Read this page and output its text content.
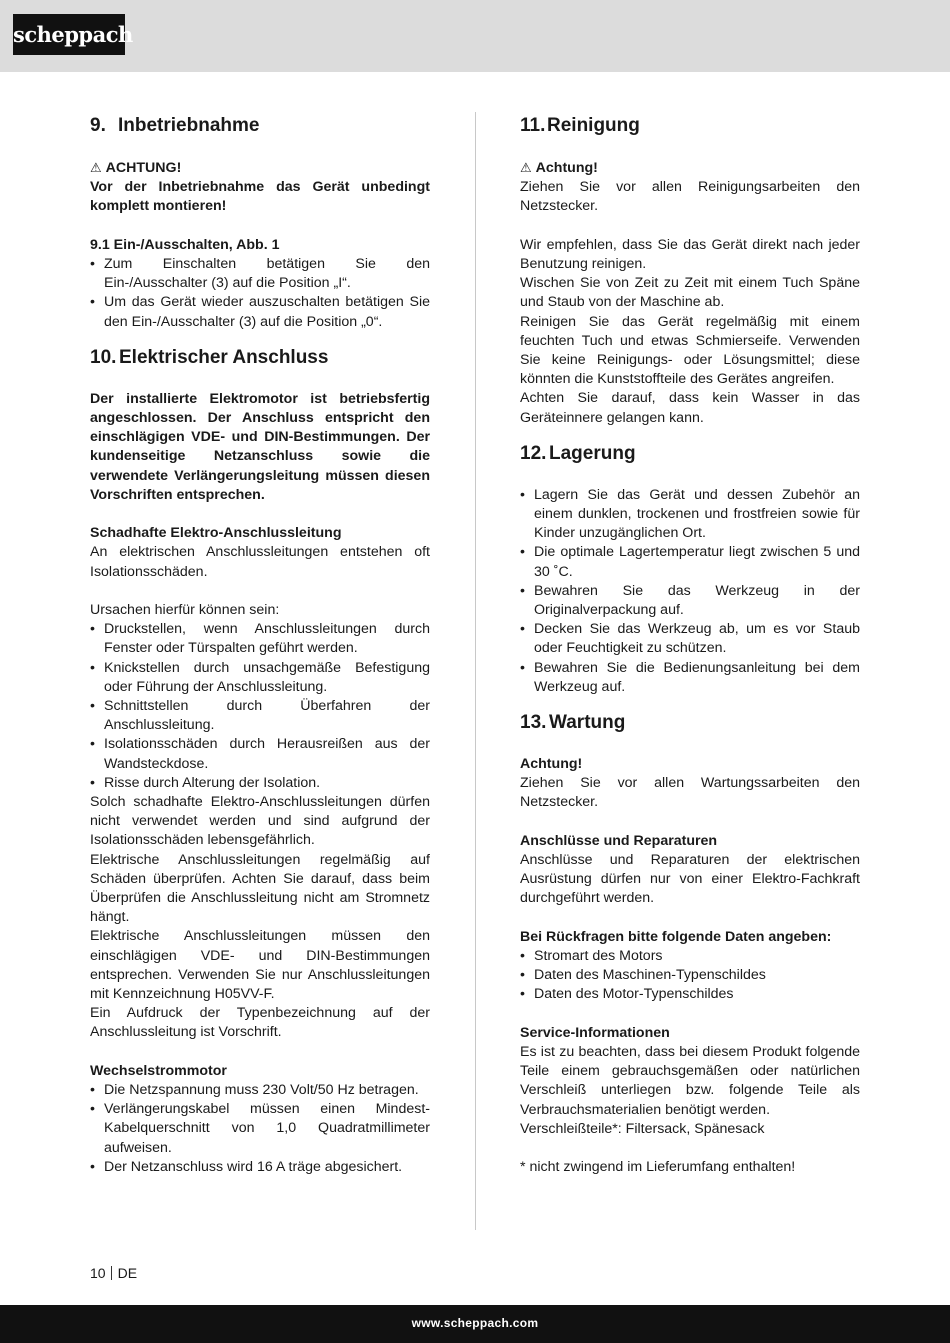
scheppach
9. Inbetriebnahme

⚠ ACHTUNG!

Vor der Inbetriebnahme das Gerät unbedingt komplett montieren!

9.1 Ein-/Ausschalten, Abb. 1

• Zum Einschalten betätigen Sie den Ein-/Ausschalter (3) auf die Position „I“.
• Um das Gerät wieder auszuschalten betätigen Sie den Ein-/Ausschalter (3) auf die Position „0“.
10. Elektrischer Anschluss

Der installierte Elektromotor ist betriebsfertig angeschlossen. Der Anschluss entspricht den einschlägigen VDE- und DIN-Bestimmungen. Der kundenseitige Netzanschluss sowie die verwendete Verlängerungsleitung müssen diesen Vorschriften entsprechen.

Schadhafte Elektro-Anschlussleitung

An elektrischen Anschlussleitungen entstehen oft Isolationsschäden.

Ursachen hierfür können sein:

• Druckstellen, wenn Anschlussleitungen durch Fenster oder Türspalten geführt werden.
• Knickstellen durch unsachgemäße Befestigung oder Führung der Anschlussleitung.
• Schnittstellen durch Überfahren der Anschlussleitung.
• Isolationsschäden durch Herausreißen aus der Wandsteckdose.
• Risse durch Alterung der Isolation.

Solch schadhafte Elektro-Anschlussleitungen dürfen nicht verwendet werden und sind aufgrund der Isolationsschäden lebensgefährlich.

Elektrische Anschlussleitungen regelmäßig auf Schäden überprüfen. Achten Sie darauf, dass beim Überprüfen die Anschlussleitung nicht am Stromnetz hängt.

Elektrische Anschlussleitungen müssen den einschlägigen VDE- und DIN-Bestimmungen entsprechen. Verwenden Sie nur Anschlussleitungen mit Kennzeichnung H05VV-F.

Ein Aufdruck der Typenbezeichnung auf der Anschlussleitung ist Vorschrift.

Wechselstrommotor

• Die Netzspannung muss 230 Volt/50 Hz betragen.
• Verlängerungskabel müssen einen Mindest-Kabelquerschnitt von 1,0 Quadratmillimeter aufweisen.
• Der Netzanschluss wird 16 A träge abgesichert.
11. Reinigung

⚠ Achtung!

Ziehen Sie vor allen Reinigungsarbeiten den Netzstecker.

Wir empfehlen, dass Sie das Gerät direkt nach jeder Benutzung reinigen.

Wischen Sie von Zeit zu Zeit mit einem Tuch Späne und Staub von der Maschine ab.

Reinigen Sie das Gerät regelmäßig mit einem feuchten Tuch und etwas Schmierseife. Verwenden Sie keine Reinigungs- oder Lösungsmittel; diese könnten die Kunststoffteile des Gerätes angreifen.

Achten Sie darauf, dass kein Wasser in das Geräteinnere gelangen kann.

12. Lagerung
• Lagern Sie das Gerät und dessen Zubehör an einem dunklen, trockenen und frostfreien sowie für Kinder unzugänglichen Ort.
• Die optimale Lagertemperatur liegt zwischen 5 und 30 ˚C.
• Bewahren Sie das Werkzeug in der Originalverpackung auf.
• Decken Sie das Werkzeug ab, um es vor Staub oder Feuchtigkeit zu schützen.
• Bewahren Sie die Bedienungsanleitung bei dem Werkzeug auf.
13. Wartung

Achtung!

Ziehen Sie vor allen Wartungssarbeiten den Netzstecker.

Anschlüsse und Reparaturen

Anschlüsse und Reparaturen der elektrischen Ausrüstung dürfen nur von einer Elektro-Fachkraft durchgeführt werden.

Bei Rückfragen bitte folgende Daten angeben:

• Stromart des Motors
• Daten des Maschinen-Typenschildes
• Daten des Motor-Typenschildes

Service-Informationen

Es ist zu beachten, dass bei diesem Produkt folgende Teile einem gebrauchsgemäßen oder natürlichen Verschleiß unterliegen bzw. folgende Teile als Verbrauchsmaterialien benötigt werden.

Verschleißteile*: Filtersack, Spänesack

* nicht zwingend im Lieferumfang enthalten!

10 DE
www.scheppach.com
